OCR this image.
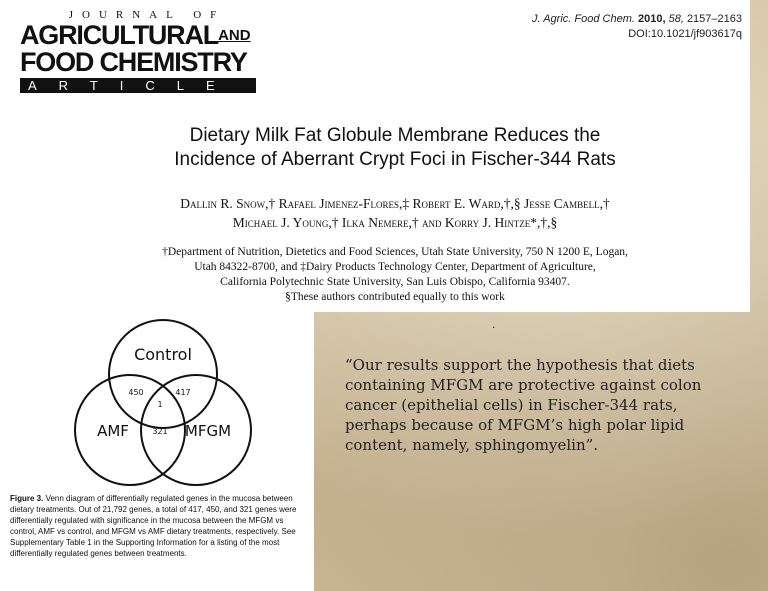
JOURNAL OF
$AGRICULTURAL^{AND}$
FOOD CHEMISTRY
ARTICLE
J. Agric. Food Chem. 2010, 58, 2157–2163
DOI:10.1021/jf903617q
Dietary Milk Fat Globule Membrane Reduces the
Incidence of Aberrant Crypt Foci in Fischer-344 Rats
Dallin R. Snow,† Rafael Jimenez-Flores,‡ Robert E. Ward,†,§ Jesse Cambell,†
Michael J. Young,† Ilka Nemere,† and Korry J. Hintze*,†,§
†Department of Nutrition, Dietetics and Food Sciences, Utah State University, 750 N 1200 E, Logan,
Utah 84322-8700, and ‡Dairy Products Technology Center, Department of Agriculture,
California Polytechnic State University, San Luis Obispo, California 93407.
§These authors contributed equally to this work
Control
AMF	MFGM
450	417
1
321
Figure 3. Venn diagram of differentially regulated genes in the mucosa between dietary treatments. Out of 21,792 genes, a total of 417, 450, and 321 genes were differentially regulated with significance in the mucosa between the MFGM vs control, AMF vs control, and MFGM vs AMF dietary treatments, respectively. See Supplementary Table 1 in the Supporting Information for a listing of the most differentially regulated genes between treatments.
.
“Our results support the hypothesis that diets containing MFGM are protective against colon cancer (epithelial cells) in Fischer-344 rats, perhaps because of MFGM’s high polar lipid content, namely, sphingomyelin”.
